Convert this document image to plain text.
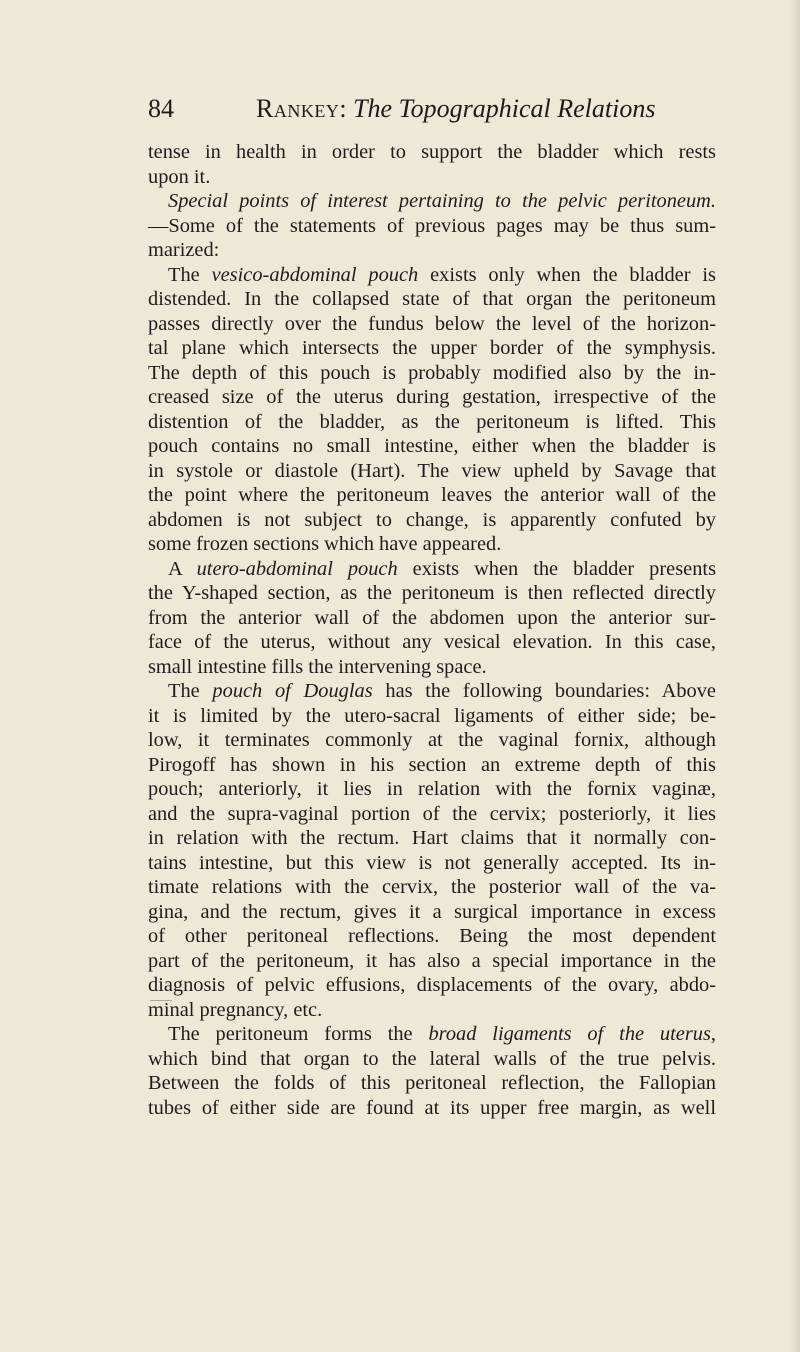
84	Rankey: The Topographical Relations
tense in health in order to support the bladder which rests
upon it.
Special points of interest pertaining to the pelvic peritoneum.
—Some of the statements of previous pages may be thus sum-
marized:
The vesico-abdominal pouch exists only when the bladder is
distended. In the collapsed state of that organ the peritoneum
passes directly over the fundus below the level of the horizon-
tal plane which intersects the upper border of the symphysis.
The depth of this pouch is probably modified also by the in-
creased size of the uterus during gestation, irrespective of the
distention of the bladder, as the peritoneum is lifted. This
pouch contains no small intestine, either when the bladder is
in systole or diastole (Hart). The view upheld by Savage that
the point where the peritoneum leaves the anterior wall of the
abdomen is not subject to change, is apparently confuted by
some frozen sections which have appeared.
A utero-abdominal pouch exists when the bladder presents
the Y-shaped section, as the peritoneum is then reflected directly
from the anterior wall of the abdomen upon the anterior sur-
face of the uterus, without any vesical elevation. In this case,
small intestine fills the intervening space.
The pouch of Douglas has the following boundaries: Above
it is limited by the utero-sacral ligaments of either side; be-
low, it terminates commonly at the vaginal fornix, although
Pirogoff has shown in his section an extreme depth of this
pouch; anteriorly, it lies in relation with the fornix vaginæ,
and the supra-vaginal portion of the cervix; posteriorly, it lies
in relation with the rectum. Hart claims that it normally con-
tains intestine, but this view is not generally accepted. Its in-
timate relations with the cervix, the posterior wall of the va-
gina, and the rectum, gives it a surgical importance in excess
of other peritoneal reflections. Being the most dependent
part of the peritoneum, it has also a special importance in the
diagnosis of pelvic effusions, displacements of the ovary, abdo-
minal pregnancy, etc.
The peritoneum forms the broad ligaments of the uterus,
which bind that organ to the lateral walls of the true pelvis.
Between the folds of this peritoneal reflection, the Fallopian
tubes of either side are found at its upper free margin, as well
